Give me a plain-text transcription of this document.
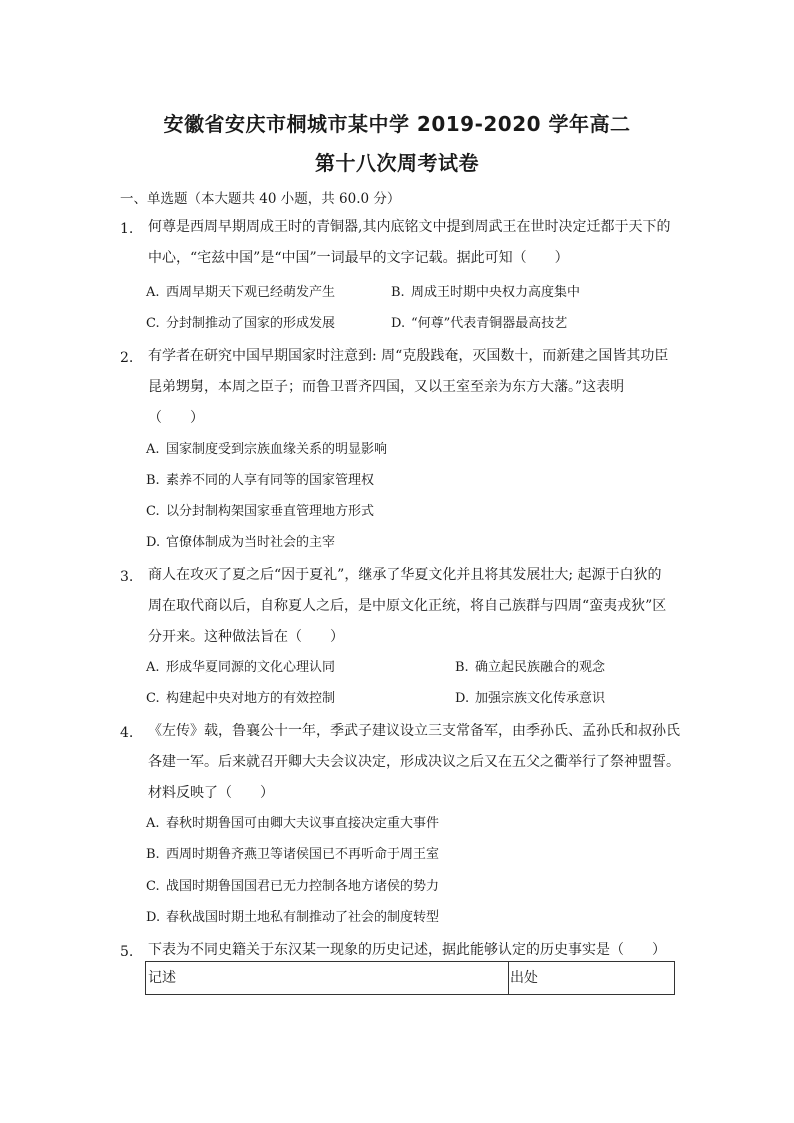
安徽省安庆市桐城市某中学 2019-2020 学年高二
第十八次周考试卷
一、单选题（本大题共 40 小题，共 60.0 分）
1.	何尊是西周早期周成王时的青铜器,其内底铭文中提到周武王在世时决定迁都于天下的
中心，“宅兹中国”是“中国”一词最早的文字记载。据此可知（　　）
A. 西周早期天下观已经萌发产生	B. 周成王时期中央权力高度集中
C. 分封制推动了国家的形成发展	D. “何尊”代表青铜器最高技艺
2.	有学者在研究中国早期国家时注意到: 周“克殷践奄，灭国数十，而新建之国皆其功臣
昆弟甥舅，本周之臣子；而鲁卫晋齐四国，又以王室至亲为东方大藩。”这表明
（　　）
A. 国家制度受到宗族血缘关系的明显影响
B. 素养不同的人享有同等的国家管理权
C. 以分封制构架国家垂直管理地方形式
D. 官僚体制成为当时社会的主宰
3.	商人在攻灭了夏之后“因于夏礼”，继承了华夏文化并且将其发展壮大; 起源于白狄的
周在取代商以后，自称夏人之后，是中原文化正统，将自己族群与四周“蛮夷戎狄”区
分开来。这种做法旨在（　　）
A. 形成华夏同源的文化心理认同	B. 确立起民族融合的观念
C. 构建起中央对地方的有效控制	D. 加强宗族文化传承意识
4.	《左传》载，鲁襄公十一年，季武子建议设立三支常备军，由季孙氏、孟孙氏和叔孙氏
各建一军。后来就召开卿大夫会议决定，形成决议之后又在五父之衢举行了祭神盟誓。
材料反映了（　　）
A. 春秋时期鲁国可由卿大夫议事直接决定重大事件
B. 西周时期鲁齐燕卫等诸侯国已不再听命于周王室
C. 战国时期鲁国国君已无力控制各地方诸侯的势力
D. 春秋战国时期土地私有制推动了社会的制度转型
5.	下表为不同史籍关于东汉某一现象的历史记述，据此能够认定的历史事实是（　　）
记述	出处
